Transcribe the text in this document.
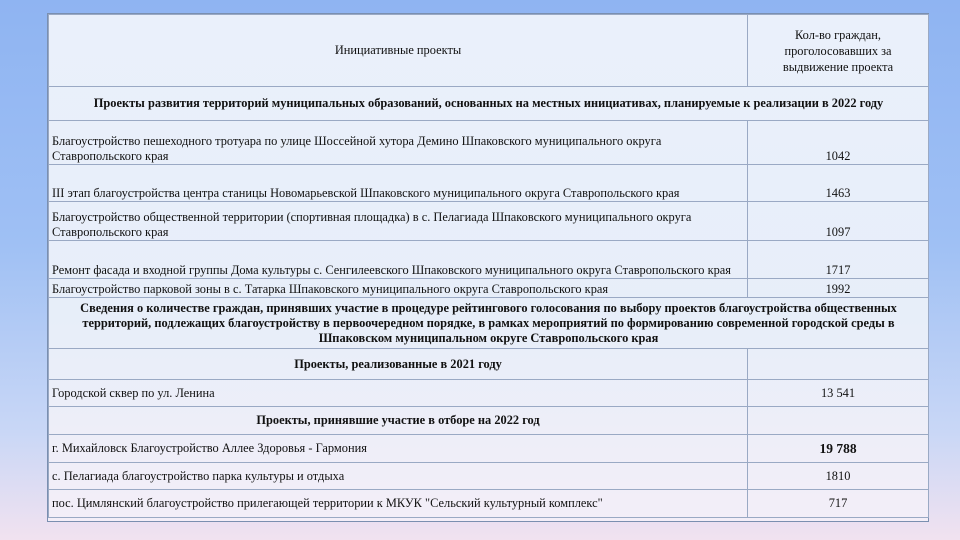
Инициативные проекты	Кол-во граждан, проголосовавших за выдвижение проекта
Проекты развития территорий муниципальных образований, основанных на местных инициативах, планируемые к реализации в 2022 году	
Благоустройство пешеходного тротуара по улице Шоссейной хутора Демино Шпаковского муниципального округа Ставропольского края	1042
III этап благоустройства центра станицы Новомарьевской Шпаковского муниципального округа Ставропольского края	1463
Благоустройство общественной территории (спортивная площадка) в с. Пелагиада Шпаковского муниципального округа Ставропольского края	1097
Ремонт фасада и входной группы Дома культуры с. Сенгилеевского Шпаковского муниципального округа Ставропольского края	1717
Благоустройство парковой зоны в с. Татарка Шпаковского муниципального округа Ставропольского края	1992
Сведения о количестве граждан, принявших участие в процедуре рейтингового голосования по выбору проектов благоустройства общественных территорий, подлежащих благоустройству в первоочередном порядке, в рамках мероприятий по формированию современной городской среды в Шпаковском муниципальном округе Ставропольского края	
Проекты, реализованные в 2021 году	
Городской сквер по ул. Ленина	13 541
Проекты, принявшие участие в отборе на 2022 год	
г. Михайловск Благоустройство Аллее Здоровья - Гармония	19 788
с. Пелагиада благоустройство парка культуры и отдыха	1810
пос. Цимлянский благоустройство прилегающей территории к МКУК "Сельский культурный комплекс"	717
